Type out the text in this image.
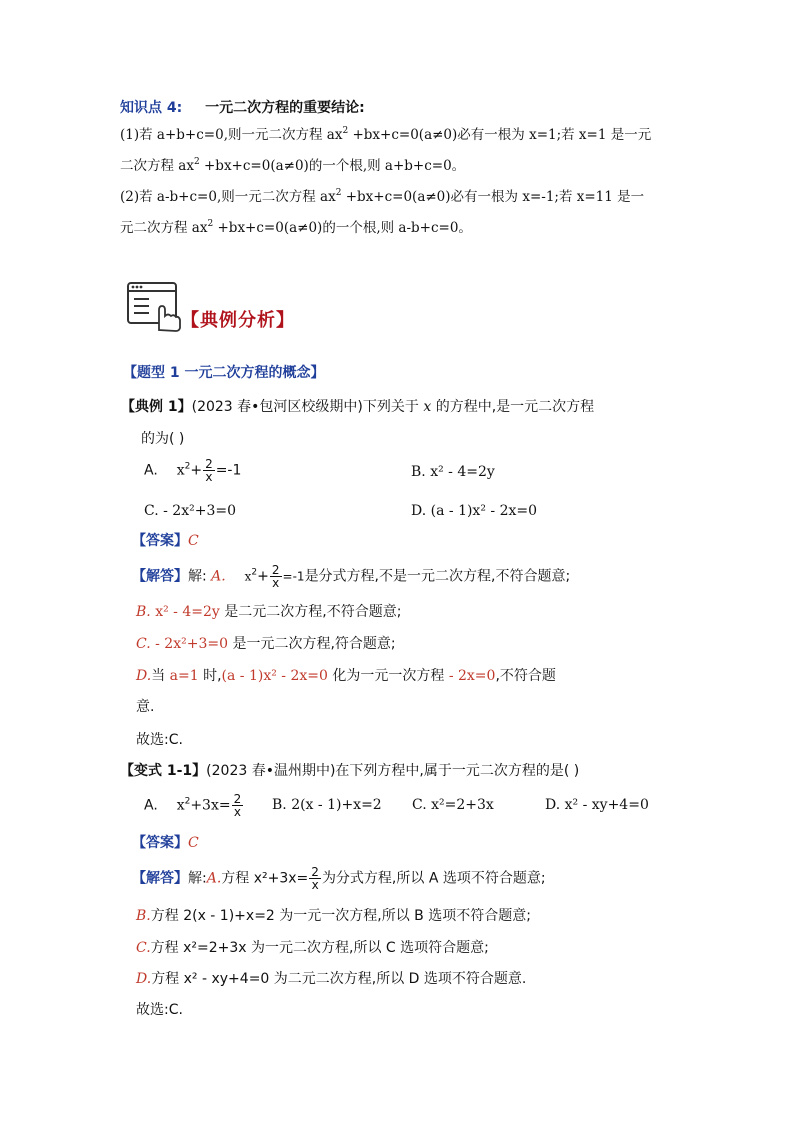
知识点 4: 一元二次方程的重要结论:
(1)若 a+b+c=0,则一元二次方程 $ax^2 +bx+c=0(a\ne 0)$必有一根为 x=1;若 x=1 是一元
二次方程 $ax^2 +bx+c=0(a\ne 0)$的一个根,则 a+b+c=0。
(2)若 a-b+c=0,则一元二次方程 $ax^2 +bx+c=0(a\ne 0)$必有一根为 x=-1;若 x=11 是一
元二次方程 $ax^2 +bx+c=0(a\ne 0)$的一个根,则 a-b+c=0。
【典例分析】
【题型 1 一元二次方程的概念】
【典例 1】(2023 春•包河区校级期中)下列关于 x 的方程中,是一元二次方程
的为( )
A. $x^2+ \frac{2}{x} =-1$	B. x² - 4=2y
C. - 2x²+3=0	D. (a - 1)x² - 2x=0
【答案】C
【解答】解: A. $x^2+ \frac{2}{x} =-1$是分式方程,不是一元二次方程,不符合题意;
B. x² - 4=2y 是二元二次方程,不符合题意;
C. - 2x²+3=0 是一元二次方程,符合题意;
D.当 a=1 时,(a - 1)x² - 2x=0 化为一元一次方程 - 2x=0,不符合题
意.
故选:C.
【变式 1-1】(2023 春•温州期中)在下列方程中,属于一元二次方程的是( )
A. $x^2+3x= \frac{2}{x} B$. 2(x - 1)+x=2 C. x²=2+3x	D. x² - xy+4=0
【答案】C
【解答】解:A.方程 $x^2+3x= \frac{2}{x}$ 为分式方程,所以 A 选项不符合题意;
B.方程 2(x - 1)+x=2 为一元一次方程,所以 B 选项不符合题意;
C.方程 x²=2+3x 为一元二次方程,所以 C 选项符合题意;
D.方程 x² - xy+4=0 为二元二次方程,所以 D 选项不符合题意.
故选:C.
